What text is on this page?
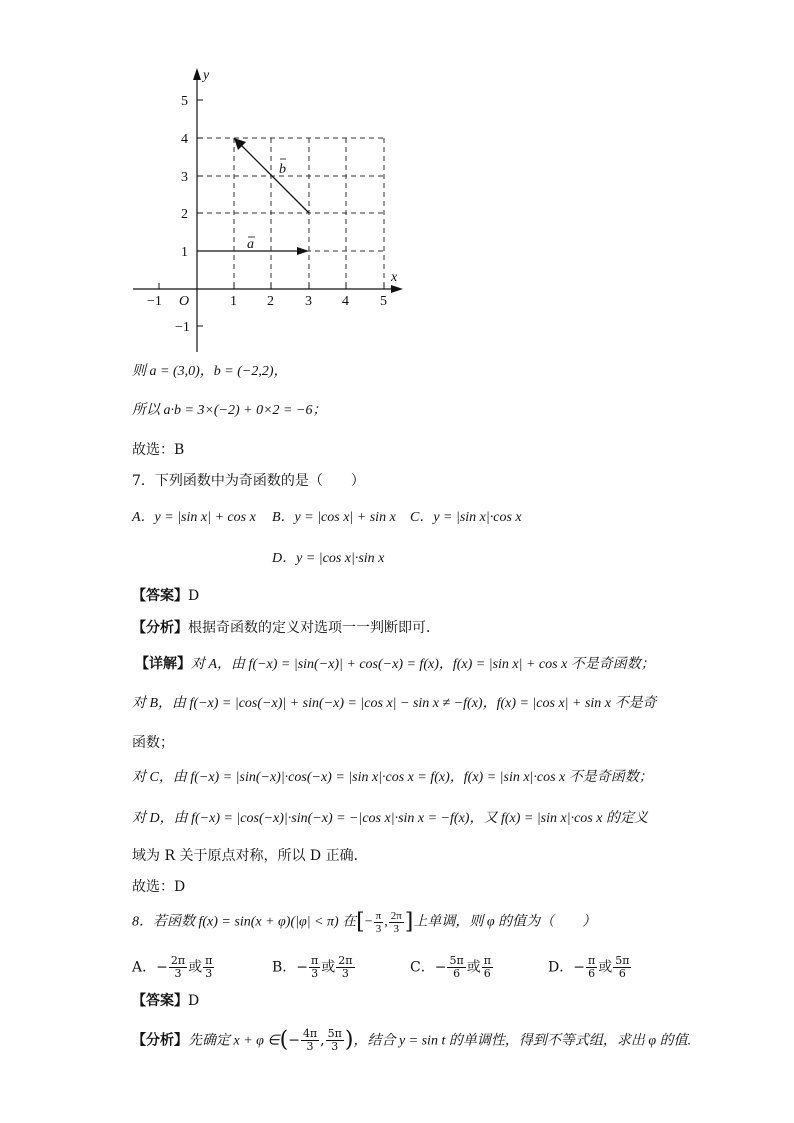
y
x
O
5
4
3
2
1
−1
−1	1 2 3 4 5
a
b
则 a = (3,0)，b = (−2,2)，
所以 a·b = 3×(−2) + 0×2 = −6；
故选：B
7．下列函数中为奇函数的是（　　）
A．y = |sin x| + cos x B．y = |cos x| + sin x C．y = |sin x|·cos x
D．y = |cos x|·sin x
【答案】D
【分析】根据奇函数的定义对选项一一判断即可．
【详解】对 A，由 f(−x) = |sin(−x)| + cos(−x) = f(x)，f(x) = |sin x| + cos x 不是奇函数；
对 B，由 f(−x) = |cos(−x)| + sin(−x) = |cos x| − sin x ≠ −f(x)，f(x) = |cos x| + sin x 不是奇
函数；
对 C，由 f(−x) = |sin(−x)|·cos(−x) = |sin x|·cos x = f(x)，f(x) = |sin x|·cos x 不是奇函数；
对 D，由 f(−x) = |cos(−x)|·sin(−x) = −|cos x|·sin x = −f(x)，又 f(x) = |sin x|·cos x 的定义
域为 R 关于原点对称，所以 D 正确．
故选：D
8．若函数 f(x) = sin(x + φ)(|φ| < π) 在[− $\frac{\pi}{3}$ , $\frac{2\pi}{3}$ ]上单调，则 φ 的值为（　　）
A．− $\frac{2\pi}{3}$ 或 $\frac{\pi}{3}$	B．− $\frac{\pi}{3}$ 或 $\frac{2\pi}{3}$	C．− $\frac{5\pi}{6}$ 或 $\frac{\pi}{6}$	D．− $\frac{\pi}{6}$ 或 $\frac{5\pi}{6}$
【答案】D
【分析】先确定 x + φ ∈(− $\frac{4\pi}{3}$ , $\frac{5\pi}{3}$ )，结合 y = sin t 的单调性，得到不等式组，求出 φ 的值.
